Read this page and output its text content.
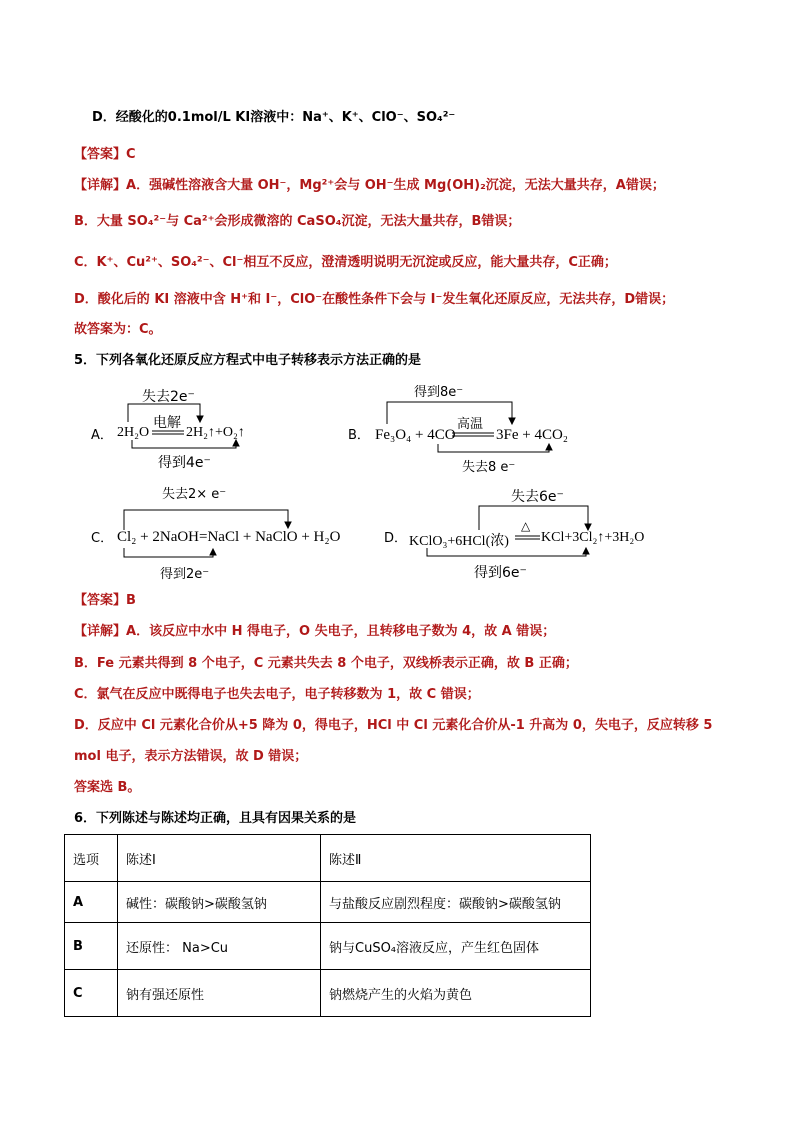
D．经酸化的0.1mol/L KI溶液中：Na⁺、K⁺、ClO⁻、SO₄²⁻
【答案】C
【详解】A．强碱性溶液含大量 OH⁻，Mg²⁺会与 OH⁻生成 Mg(OH)₂沉淀，无法大量共存，A错误；
B．大量 SO₄²⁻与 Ca²⁺会形成微溶的 CaSO₄沉淀，无法大量共存，B错误；
C．K⁺、Cu²⁺、SO₄²⁻、Cl⁻相互不反应，澄清透明说明无沉淀或反应，能大量共存，C正确；
D．酸化后的 KI 溶液中含 H⁺和 I⁻，ClO⁻在酸性条件下会与 I⁻发生氧化还原反应，无法共存，D错误；
故答案为：C。
5．下列各氧化还原反应方程式中电子转移表示方法正确的是
A．
失去2e⁻
电解
2H₂O	2H₂↑+O₂↑
得到4e⁻
B．
得到8e⁻
高温
Fe₃O₄ + 4CO	3Fe + 4CO₂
失去8 e⁻
C．
失去2× e⁻
Cl₂ + 2NaOH=NaCl + NaClO + H₂O
得到2e⁻
D．
失去6e⁻
△
KClO₃+6HCl(浓) KCl+3Cl₂↑+3H₂O
得到6e⁻
【答案】B
【详解】A．该反应中水中 H 得电子，O 失电子，且转移电子数为 4，故 A 错误；
B．Fe 元素共得到 8 个电子，C 元素共失去 8 个电子，双线桥表示正确，故 B 正确；
C．氯气在反应中既得电子也失去电子，电子转移数为 1，故 C 错误；
D．反应中 Cl 元素化合价从+5 降为 0，得电子，HCl 中 Cl 元素化合价从-1 升高为 0，失电子，反应转移 5
mol 电子，表示方法错误，故 D 错误；
答案选 B。
6．下列陈述与陈述均正确，且具有因果关系的是
选项	陈述Ⅰ	陈述Ⅱ
A	碱性：碳酸钠>碳酸氢钠	与盐酸反应剧烈程度：碳酸钠>碳酸氢钠
B	还原性： Na>Cu	钠与CuSO₄溶液反应，产生红色固体
C	钠有强还原性	钠燃烧产生的火焰为黄色
